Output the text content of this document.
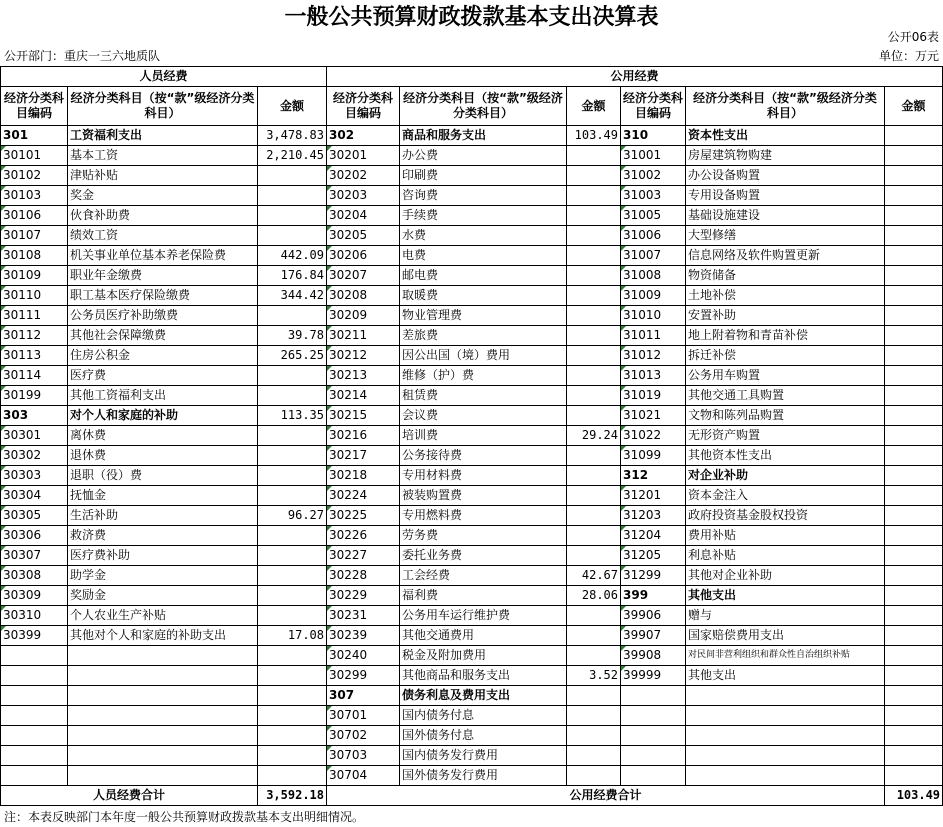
一般公共预算财政拨款基本支出决算表
公开06表
公开部门：重庆一三六地质队	单位：万元
人员经费			公用经费					
经济分类科目编码	经济分类科目（按“款”级经济分类科目）	金额	经济分类科目编码	经济分类科目（按“款”级经济分类科目）	金额	经济分类科目编码	经济分类科目（按“款”级经济分类科目）	金额
301	工资福利支出	3,478.83	302	商品和服务支出	103.49	310	资本性支出	
30101	基本工资	2,210.45	30201	办公费		31001	房屋建筑物购建	
30102	津贴补贴		30202	印刷费		31002	办公设备购置	
30103	奖金		30203	咨询费		31003	专用设备购置	
30106	伙食补助费		30204	手续费		31005	基础设施建设	
30107	绩效工资		30205	水费		31006	大型修缮	
30108	机关事业单位基本养老保险费	442.09	30206	电费		31007	信息网络及软件购置更新	
30109	职业年金缴费	176.84	30207	邮电费		31008	物资储备	
30110	职工基本医疗保险缴费	344.42	30208	取暖费		31009	土地补偿	
30111	公务员医疗补助缴费		30209	物业管理费		31010	安置补助	
30112	其他社会保障缴费	39.78	30211	差旅费		31011	地上附着物和青苗补偿	
30113	住房公积金	265.25	30212	因公出国（境）费用		31012	拆迁补偿	
30114	医疗费		30213	维修（护）费		31013	公务用车购置	
30199	其他工资福利支出		30214	租赁费		31019	其他交通工具购置	
303	对个人和家庭的补助	113.35	30215	会议费		31021	文物和陈列品购置	
30301	离休费		30216	培训费	29.24	31022	无形资产购置	
30302	退休费		30217	公务接待费		31099	其他资本性支出	
30303	退职（役）费		30218	专用材料费		312	对企业补助	
30304	抚恤金		30224	被装购置费		31201	资本金注入	
30305	生活补助	96.27	30225	专用燃料费		31203	政府投资基金股权投资	
30306	救济费		30226	劳务费		31204	费用补贴	
30307	医疗费补助		30227	委托业务费		31205	利息补贴	
30308	助学金		30228	工会经费	42.67	31299	其他对企业补助	
30309	奖励金		30229	福利费	28.06	399	其他支出	
30310	个人农业生产补贴		30231	公务用车运行维护费		39906	赠与	
30399	其他对个人和家庭的补助支出	17.08	30239	其他交通费用		39907	国家赔偿费用支出	
			30240	税金及附加费用		39908	对民间非营利组织和群众性自治组织补贴	
			30299	其他商品和服务支出	3.52	39999	其他支出	
			307	债务利息及费用支出				
			30701	国内债务付息				
			30702	国外债务付息				
			30703	国内债务发行费用				
			30704	国外债务发行费用				
人员经费合计		3,592.18	公用经费合计					103.49
注：本表反映部门本年度一般公共预算财政拨款基本支出明细情况。
